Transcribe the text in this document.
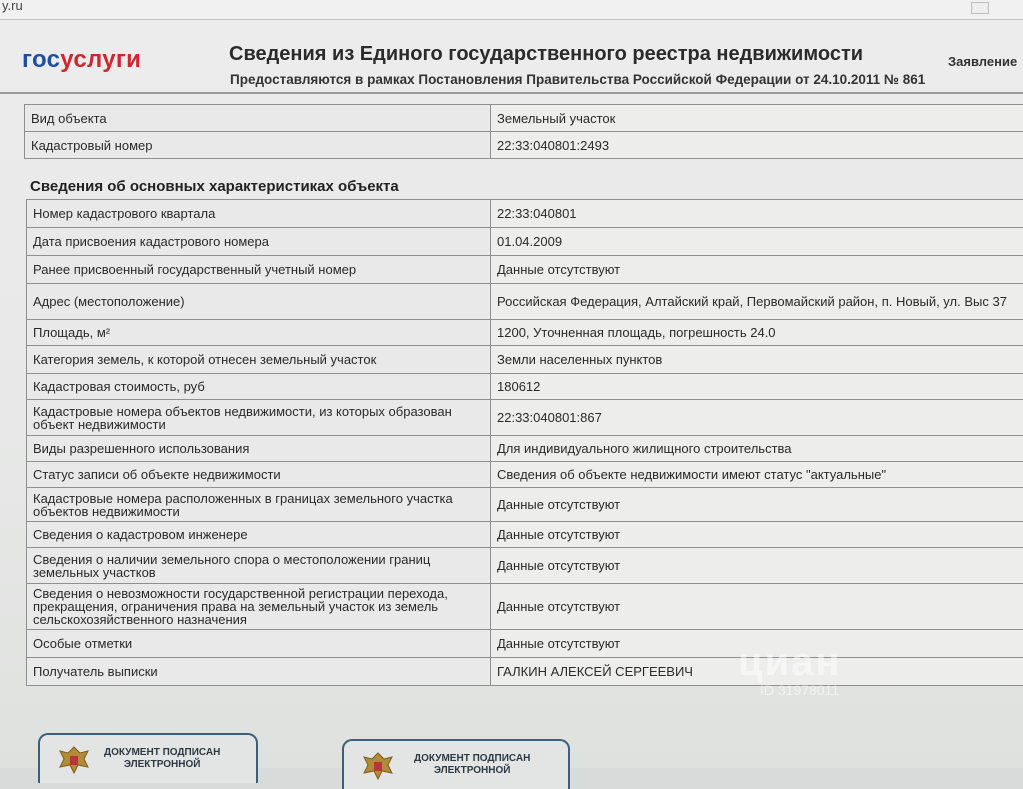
y.ru
госуслуги	Сведения из Единого государственного реестра недвижимости
Предоставляются в рамках Постановления Правительства Российской Федерации от 24.10.2011 № 861
Заявление
Вид объекта	Земельный участок
Кадастровый номер	22:33:040801:2493
Сведения об основных характеристиках объекта
Номер кадастрового квартала	22:33:040801
Дата присвоения кадастрового номера	01.04.2009
Ранее присвоенный государственный учетный номер	Данные отсутствуют
Адрес (местоположение)	Российская Федерация, Алтайский край, Первомайский район, п. Новый, ул. Выс 37
Площадь, м²	1200, Уточненная площадь, погрешность 24.0
Категория земель, к которой отнесен земельный участок	Земли населенных пунктов
Кадастровая стоимость, руб	180612
Кадастровые номера объектов недвижимости, из которых образован объект недвижимости	22:33:040801:867
Виды разрешенного использования	Для индивидуального жилищного строительства
Статус записи об объекте недвижимости	Сведения об объекте недвижимости имеют статус "актуальные"
Кадастровые номера расположенных в границах земельного участка объектов недвижимости	Данные отсутствуют
Сведения о кадастровом инженере	Данные отсутствуют
Сведения о наличии земельного спора о местоположении границ земельных участков	Данные отсутствуют
Сведения о невозможности государственной регистрации перехода, прекращения, ограничения права на земельный участок из земель сельскохозяйственного назначения	Данные отсутствуют
Особые отметки	Данные отсутствуют
Получатель выписки	ГАЛКИН АЛЕКСЕЙ СЕРГЕЕВИЧ циан
ID 31978011
ДОКУМЕНТ ПОДПИСАН
ЭЛЕКТРОННОЙ
ДОКУМЕНТ ПОДПИСАН
ЭЛЕКТРОННОЙ
